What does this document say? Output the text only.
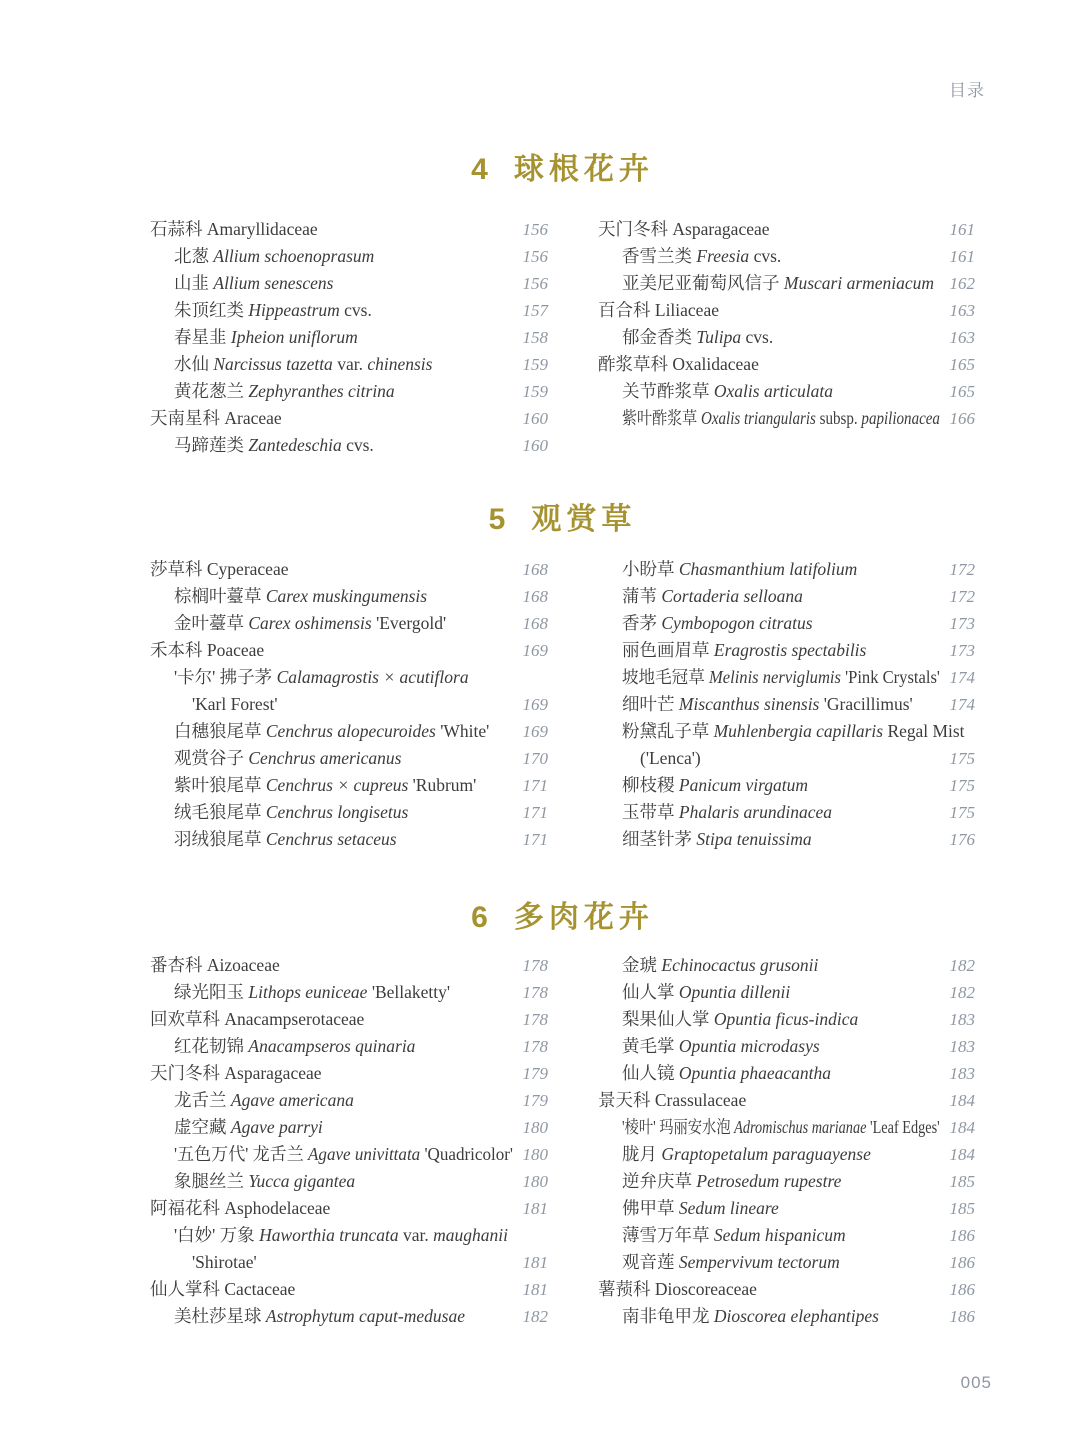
目录
4 球根花卉
石蒜科 Amaryllidaceae	156
北葱 Allium schoenoprasum	156
山韭 Allium senescens	156
朱顶红类 Hippeastrum cvs.	157
春星韭 Ipheion uniflorum	158
水仙 Narcissus tazetta var. chinensis	159
黄花葱兰 Zephyranthes citrina	159
天南星科 Araceae	160
马蹄莲类 Zantedeschia cvs.	160
天门冬科 Asparagaceae	161
香雪兰类 Freesia cvs.	161
亚美尼亚葡萄风信子 Muscari armeniacum 162
百合科 Liliaceae	163
郁金香类 Tulipa cvs.	163
酢浆草科 Oxalidaceae	165
关节酢浆草 Oxalis articulata	165
紫叶酢浆草 Oxalis triangularis subsp. papilionacea 166
5 观赏草
莎草科 Cyperaceae	168
棕榈叶薹草 Carex muskingumensis	168
金叶薹草 Carex oshimensis 'Evergold'	168
禾本科 Poaceae	169
'卡尔' 拂子茅 Calamagrostis × acutiflora
'Karl Forest'	169
白穗狼尾草 Cenchrus alopecuroides 'White'	169
观赏谷子 Cenchrus americanus	170
紫叶狼尾草 Cenchrus × cupreus 'Rubrum'	171
绒毛狼尾草 Cenchrus longisetus	171
羽绒狼尾草 Cenchrus setaceus	171
小盼草 Chasmanthium latifolium	172
蒲苇 Cortaderia selloana	172
香茅 Cymbopogon citratus	173
丽色画眉草 Eragrostis spectabilis	173
坡地毛冠草 Melinis nerviglumis 'Pink Crystals' 174
细叶芒 Miscanthus sinensis 'Gracillimus'	174
粉黛乱子草 Muhlenbergia capillaris Regal Mist
('Lenca')	175
柳枝稷 Panicum virgatum	175
玉带草 Phalaris arundinacea	175
细茎针茅 Stipa tenuissima	176
6 多肉花卉
番杏科 Aizoaceae	178
绿光阳玉 Lithops euniceae 'Bellaketty'	178
回欢草科 Anacampserotaceae	178
红花韧锦 Anacampseros quinaria	178
天门冬科 Asparagaceae	179
龙舌兰 Agave americana	179
虚空藏 Agave parryi	180
'五色万代' 龙舌兰 Agave univittata 'Quadricolor' 180
象腿丝兰 Yucca gigantea	180
阿福花科 Asphodelaceae	181
'白妙' 万象 Haworthia truncata var. maughanii
'Shirotae'	181
仙人掌科 Cactaceae	181
美杜莎星球 Astrophytum caput-medusae	182
金琥 Echinocactus grusonii	182
仙人掌 Opuntia dillenii	182
梨果仙人掌 Opuntia ficus-indica	183
黄毛掌 Opuntia microdasys	183
仙人镜 Opuntia phaeacantha	183
景天科 Crassulaceae	184
'棱叶' 玛丽安水泡 Adromischus marianae 'Leaf Edges' 184
胧月 Graptopetalum paraguayense	184
逆弁庆草 Petrosedum rupestre	185
佛甲草 Sedum lineare	185
薄雪万年草 Sedum hispanicum	186
观音莲 Sempervivum tectorum	186
薯蓣科 Dioscoreaceae	186
南非龟甲龙 Dioscorea elephantipes	186
005
